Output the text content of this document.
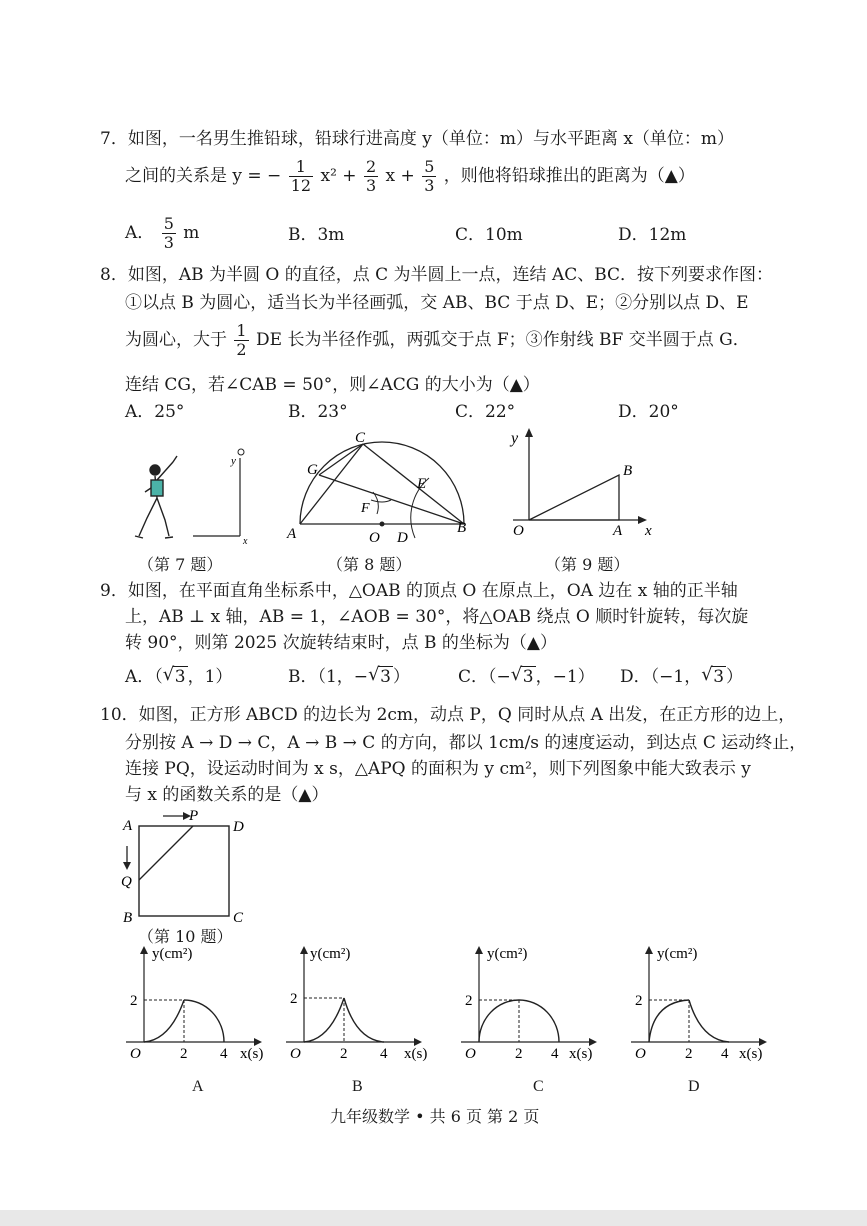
7．如图，一名男生推铅球，铅球行进高度 y（单位：m）与水平距离 x（单位：m）
之间的关系是 y = − $\frac{1}{12} x^2 + \frac{2}{3}$ $x + \frac{5}{3}$ ，则他将铅球推出的距离为（▲）
A． $\frac{5}{3}$ m	B．3m	C．10m	D．12m
8．如图，AB 为半圆 O 的直径，点 C 为半圆上一点，连结 AC、BC．按下列要求作图：
①以点 B 为圆心，适当长为半径画弧，交 AB、BC 于点 D、E；②分别以点 D、E
为圆心，大于 $\frac{1}{2}$ DE 长为半径作弧，两弧交于点 F；③作射线 BF 交半圆于点 G．
连结 CG，若∠CAB = 50°，则∠ACG 的大小为（▲）
A．25°	B．23°	C．22°	D．20°
y
x
C
G
E
F
A	O D
B
y
B
O	A x
（第 7 题）	（第 8 题）	（第 9 题）
9．如图，在平面直角坐标系中，△OAB 的顶点 O 在原点上，OA 边在 x 轴的正半轴
上，AB ⊥ x 轴，AB = 1，∠AOB = 30°，将△OAB 绕点 O 顺时针旋转，每次旋
转 90°，则第 2025 次旋转结束时，点 B 的坐标为（▲）
A．（ √ 3 ，1）	B．（1，− √ 3 ）	C．（− √ 3 ，−1） D．（−1， √ 3 ）
10．如图，正方形 ABCD 的边长为 2cm，动点 P，Q 同时从点 A 出发，在正方形的边上，
分别按 A → D → C，A → B → C 的方向，都以 1cm/s 的速度运动，到达点 C 运动终止，
连接 PQ，设运动时间为 x s，△APQ 的面积为 y cm²，则下列图象中能大致表示 y
与 x 的函数关系的是（▲）
A
P
D
Q
B	C
（第 10 题）
y(cm²)
2
O	2 4 x(s)
y(cm²)
2
O	2 4 x(s)
y(cm²)
2
O	2 4 x(s)
y(cm²)
2
O	2 4 x(s)
A	B	C	D
九年级数学 • 共 6 页 第 2 页
